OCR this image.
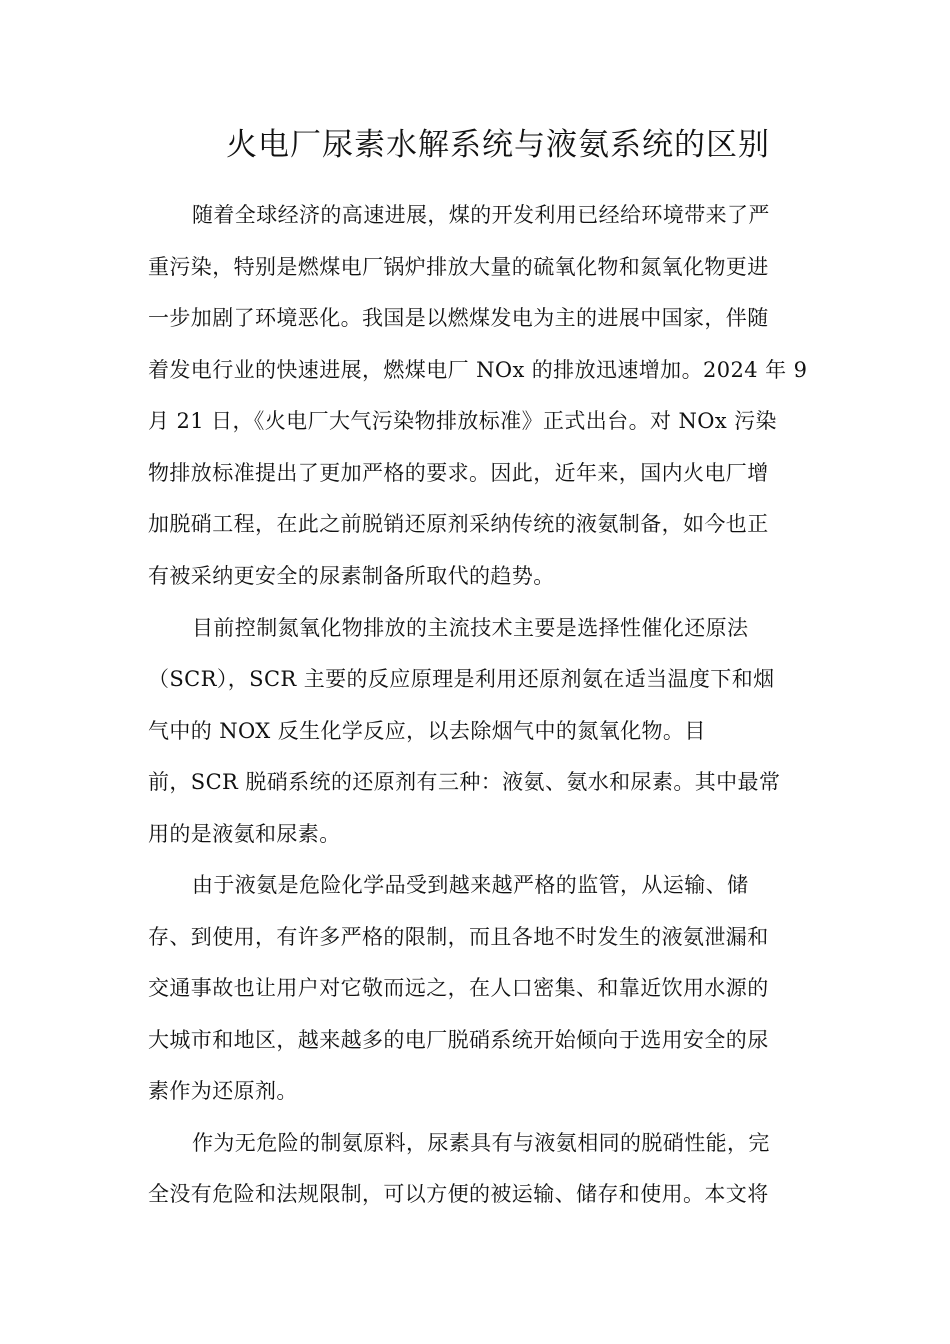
火电厂尿素水解系统与液氨系统的区别

随着全球经济的高速进展，煤的开发利用已经给环境带来了严

重污染，特别是燃煤电厂锅炉排放大量的硫氧化物和氮氧化物更进

一步加剧了环境恶化。我国是以燃煤发电为主的进展中国家，伴随

着发电行业的快速进展，燃煤电厂 NOx 的排放迅速增加。2024 年 9

月 21 日，《火电厂大气污染物排放标准》正式出台。对 NOx 污染

物排放标准提出了更加严格的要求。因此，近年来，国内火电厂增

加脱硝工程，在此之前脱销还原剂采纳传统的液氨制备，如今也正

有被采纳更安全的尿素制备所取代的趋势。

目前控制氮氧化物排放的主流技术主要是选择性催化还原法

（SCR），SCR 主要的反应原理是利用还原剂氨在适当温度下和烟

气中的 NOX 反生化学反应，以去除烟气中的氮氧化物。目

前，SCR 脱硝系统的还原剂有三种：液氨、氨水和尿素。其中最常

用的是液氨和尿素。

由于液氨是危险化学品受到越来越严格的监管，从运输、储

存、到使用，有许多严格的限制，而且各地不时发生的液氨泄漏和

交通事故也让用户对它敬而远之，在人口密集、和靠近饮用水源的

大城市和地区，越来越多的电厂脱硝系统开始倾向于选用安全的尿

素作为还原剂。

作为无危险的制氨原料，尿素具有与液氨相同的脱硝性能，完

全没有危险和法规限制，可以方便的被运输、储存和使用。本文将
